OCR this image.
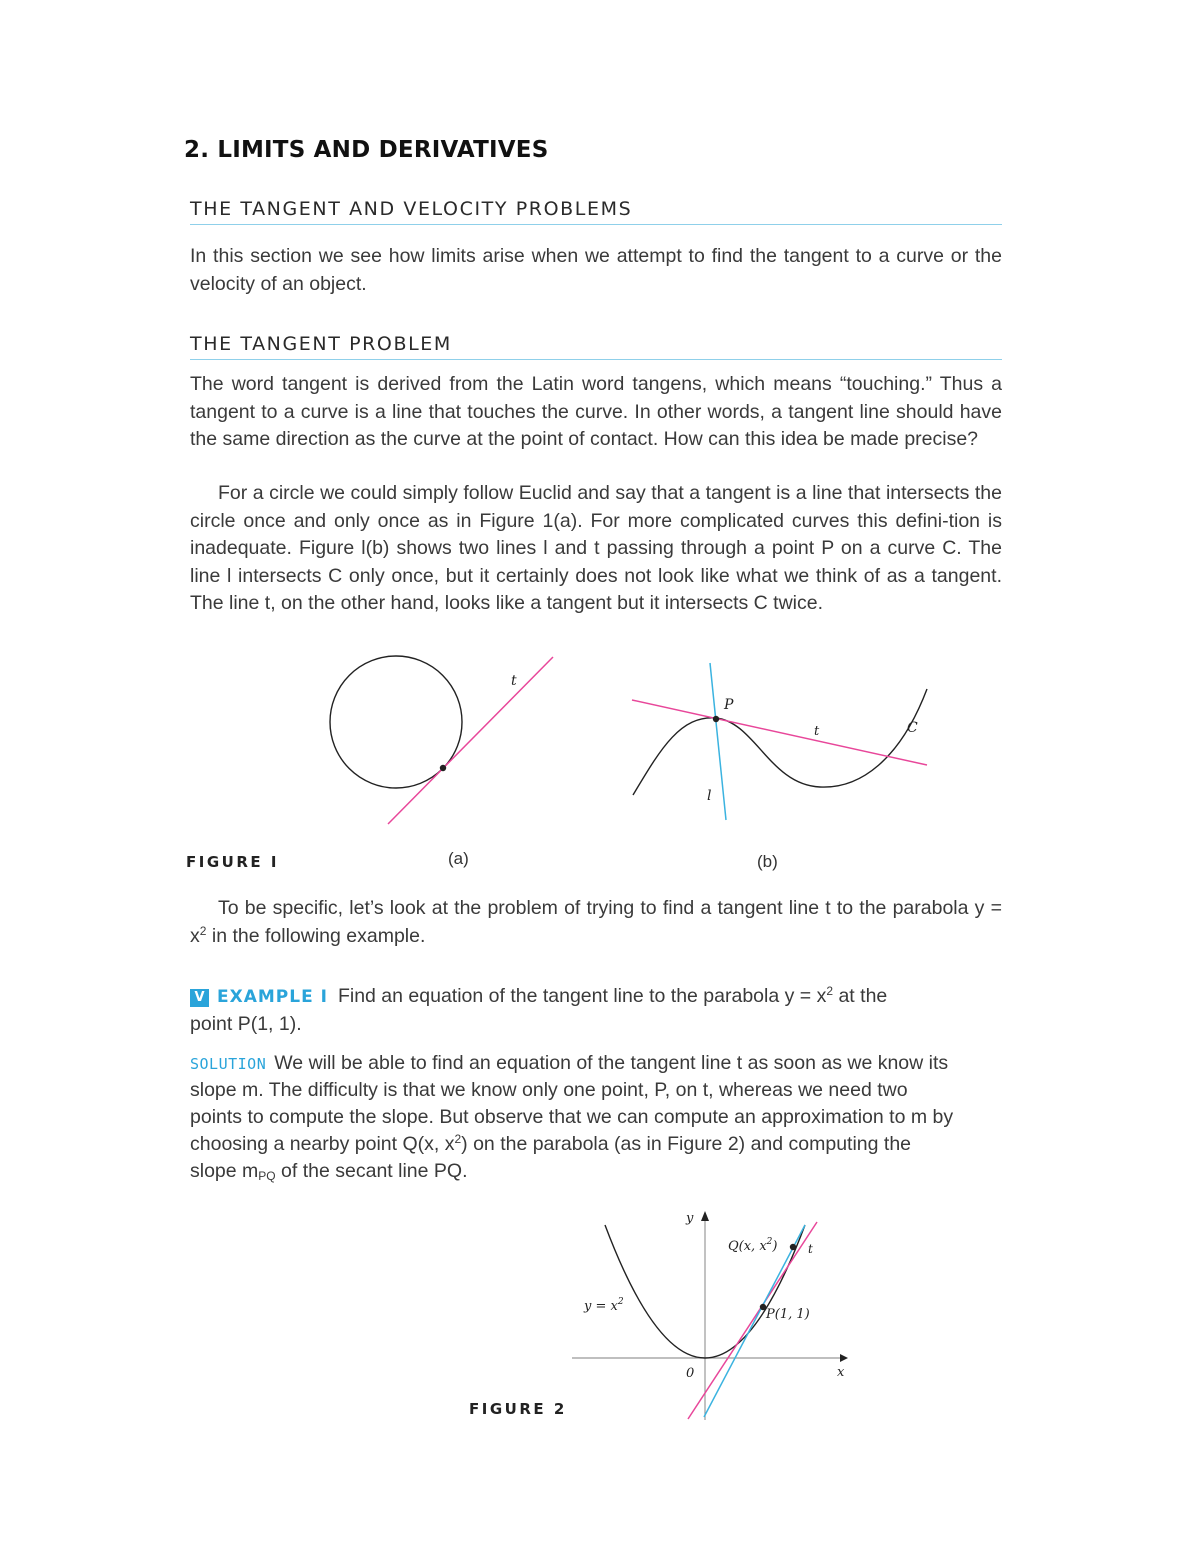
2. LIMITS AND DERIVATIVES
THE TANGENT AND VELOCITY PROBLEMS
In this section we see how limits arise when we attempt to find the tangent to a curve or the velocity of an object.
THE TANGENT PROBLEM
The word tangent is derived from the Latin word tangens, which means “touching.” Thus a tangent to a curve is a line that touches the curve. In other words, a tangent line should have the same direction as the curve at the point of contact. How can this idea be made precise?
For a circle we could simply follow Euclid and say that a tangent is a line that intersects the circle once and only once as in Figure 1(a). For more complicated curves this defini-tion is inadequate. Figure l(b) shows two lines l and t passing through a point P on a curve C. The line l intersects C only once, but it certainly does not look like what we think of as a tangent. The line t, on the other hand, looks like a tangent but it intersects C twice.
t
P
t	C
l
FIGURE I	(a)	(b)
To be specific, let’s look at the problem of trying to find a tangent line t to the parabola $y = x^2$ in the following example.
V EXAMPLE I Find an equation of the tangent line to the parabola $y = x^2$ at the
point P(1, 1).
SOLUTION We will be able to find an equation of the tangent line t as soon as we know its
slope m. The difficulty is that we know only one point, P, on t, whereas we need two
points to compute the slope. But observe that we can compute an approximation to m by
choosing a nearby point Q(x, $x^2$) on the parabola (as in Figure 2) and computing the
slope $m_{PQ}$ of the secant line PQ.
y
x
0
$y = x^2$
Q(x, $x^2$)
P(1, 1)
t
FIGURE 2
